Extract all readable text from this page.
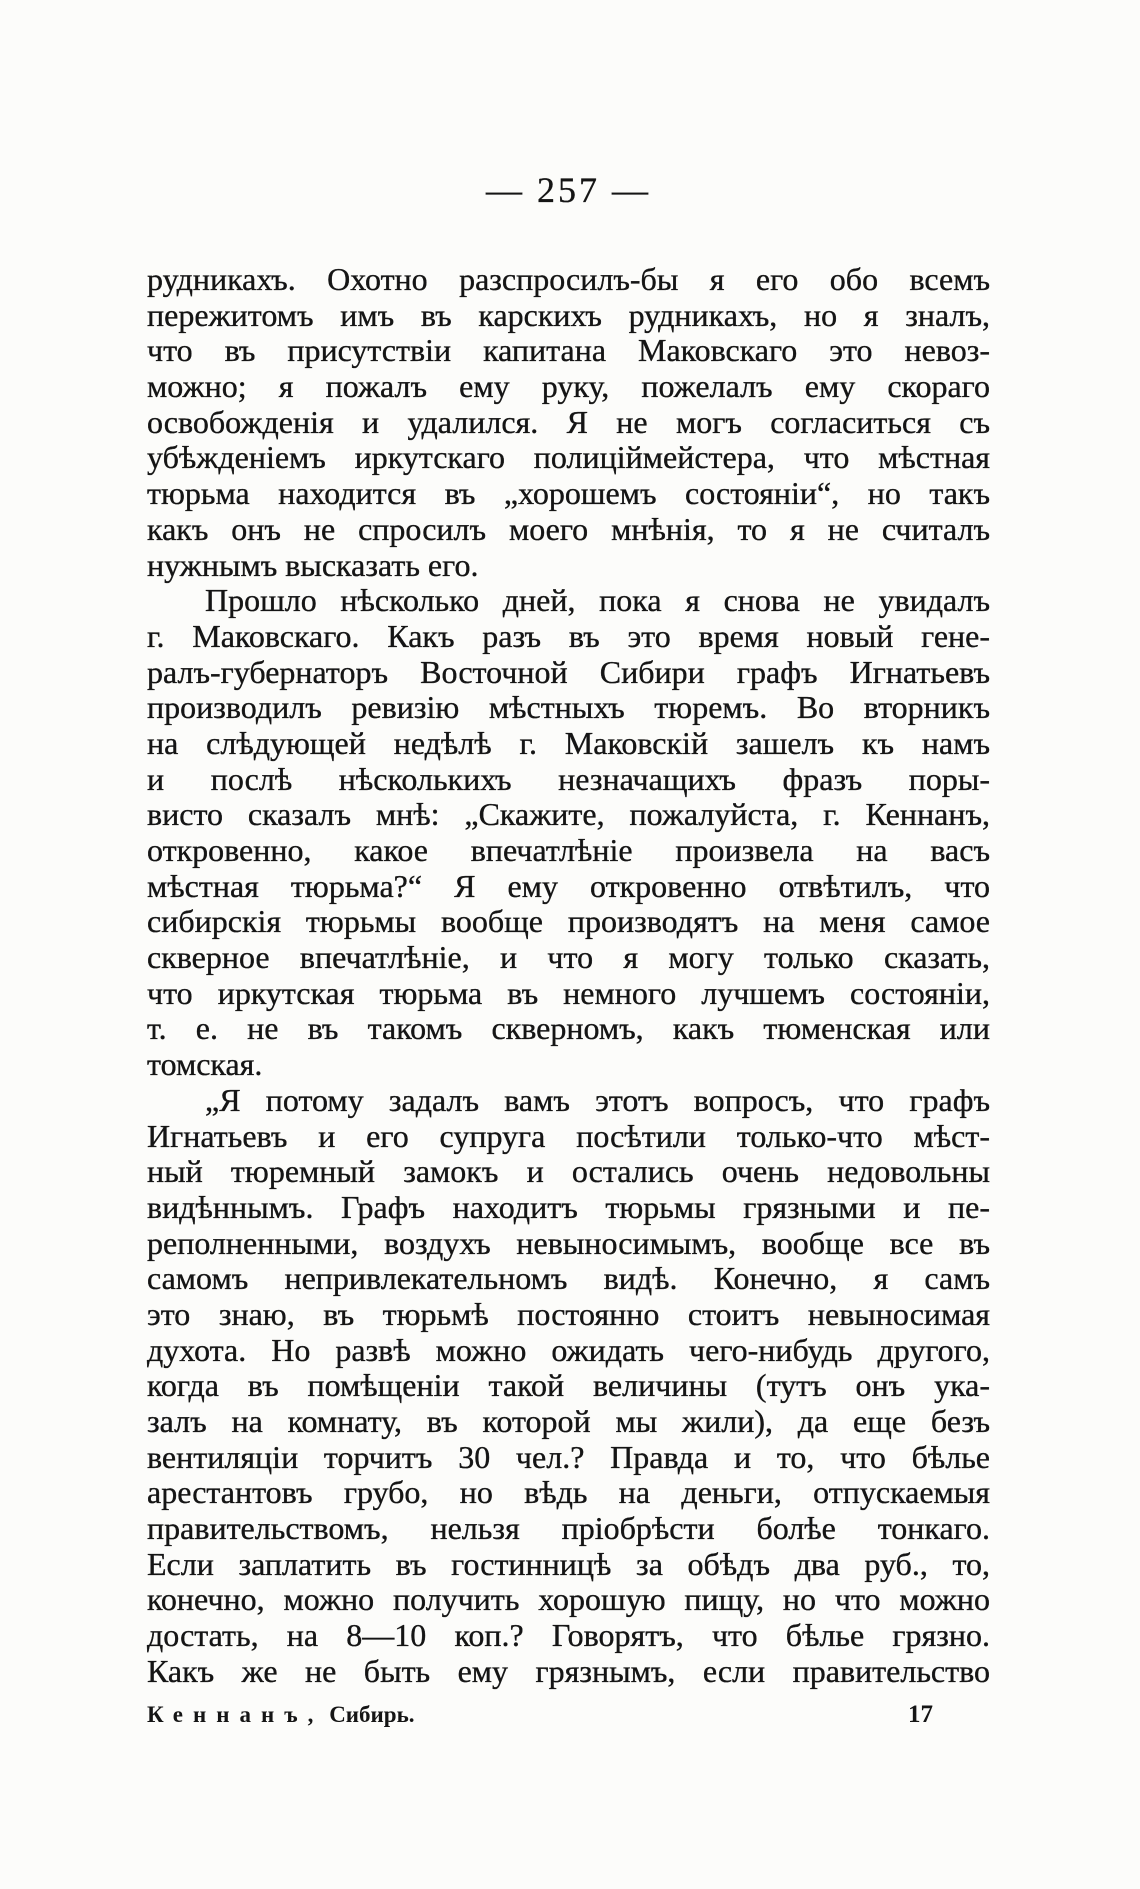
— 257 —
рудникахъ. Охотно разспросилъ-бы я его обо всемъ
пережитомъ имъ въ карскихъ рудникахъ, но я зналъ,
что въ присутствіи капитана Маковскаго это невоз-
можно; я пожалъ ему руку, пожелалъ ему скораго
освобожденія и удалился. Я не могъ согласиться съ
убѣжденіемъ иркутскаго полиціймейстера, что мѣстная
тюрьма находится въ „хорошемъ состояніи“, но такъ
какъ онъ не спросилъ моего мнѣнія, то я не считалъ
нужнымъ высказать его.
Прошло нѣсколько дней, пока я снова не увидалъ
г. Маковскаго. Какъ разъ въ это время новый гене-
ралъ-губернаторъ Восточной Сибири графъ Игнатьевъ
производилъ ревизію мѣстныхъ тюремъ. Во вторникъ
на слѣдующей недѣлѣ г. Маковскій зашелъ къ намъ
и послѣ нѣсколькихъ незначащихъ фразъ поры-
висто сказалъ мнѣ: „Скажите, пожалуйста, г. Кеннанъ,
откровенно, какое впечатлѣніе произвела на васъ
мѣстная тюрьма?“ Я ему откровенно отвѣтилъ, что
сибирскія тюрьмы вообще производятъ на меня самое
скверное впечатлѣніе, и что я могу только сказать,
что иркутская тюрьма въ немного лучшемъ состояніи,
т. е. не въ такомъ скверномъ, какъ тюменская или
томская.
„Я потому задалъ вамъ этотъ вопросъ, что графъ
Игнатьевъ и его супруга посѣтили только-что мѣст-
ный тюремный замокъ и остались очень недовольны
видѣннымъ. Графъ находитъ тюрьмы грязными и пе-
реполненными, воздухъ невыносимымъ, вообще все въ
самомъ непривлекательномъ видѣ. Конечно, я самъ
это знаю, въ тюрьмѣ постоянно стоитъ невыносимая
духота. Но развѣ можно ожидать чего-нибудь другого,
когда въ помѣщеніи такой величины (тутъ онъ ука-
залъ на комнату, въ которой мы жили), да еще безъ
вентиляціи торчитъ 30 чел.? Правда и то, что бѣлье
арестантовъ грубо, но вѣдь на деньги, отпускаемыя
правительствомъ, нельзя пріобрѣсти болѣе тонкаго.
Если заплатить въ гостинницѣ за обѣдъ два руб., то,
конечно, можно получить хорошую пищу, но что можно
достать, на 8—10 коп.? Говорятъ, что бѣлье грязно.
Какъ же не быть ему грязнымъ, если правительство
Кеннанъ, Сибирь.	17
